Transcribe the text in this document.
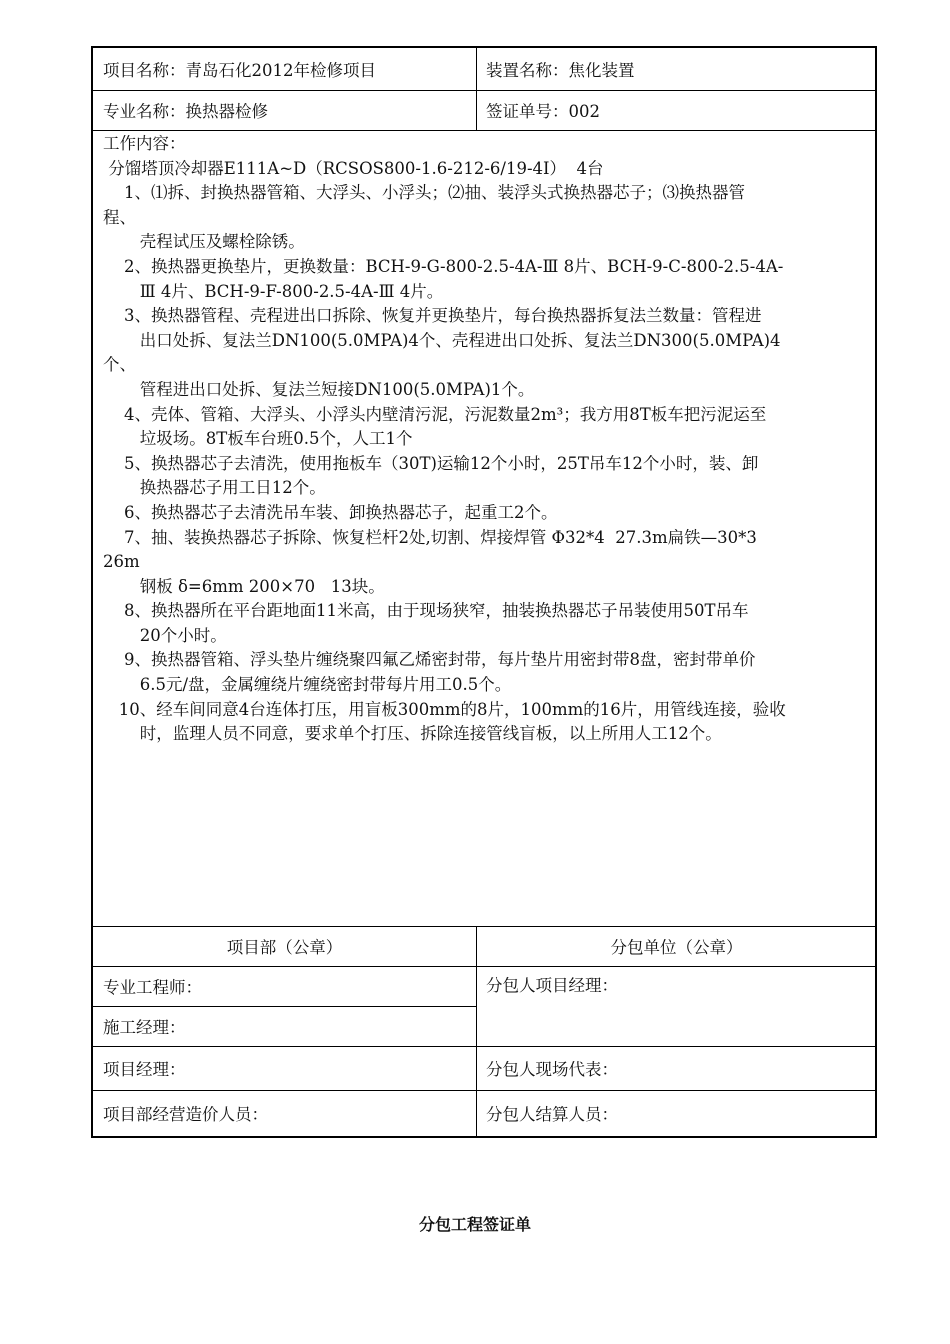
项目名称：青岛石化2012年检修项目	装置名称：焦化装置
专业名称：换热器检修	签证单号：002
工作内容：
分馏塔顶冷却器E111A~D（RCSOS800-1.6-212-6/19-4Ⅰ）  4台
1、⑴拆、封换热器管箱、大浮头、小浮头；⑵抽、装浮头式换热器芯子；⑶换热器管
程、
壳程试压及螺栓除锈。
2、换热器更换垫片，更换数量：BCH-9-G-800-2.5-4A-Ⅲ 8片、BCH-9-C-800-2.5-4A-
Ⅲ 4片、BCH-9-F-800-2.5-4A-Ⅲ 4片。
3、换热器管程、壳程进出口拆除、恢复并更换垫片，每台换热器拆复法兰数量：管程进
出口处拆、复法兰DN100(5.0MPA)4个、壳程进出口处拆、复法兰DN300(5.0MPA)4
个、
管程进出口处拆、复法兰短接DN100(5.0MPA)1个。
4、壳体、管箱、大浮头、小浮头内壁清污泥，污泥数量2m³；我方用8T板车把污泥运至
垃圾场。8T板车台班0.5个，人工1个
5、换热器芯子去清洗，使用拖板车（30T)运输12个小时，25T吊车12个小时，装、卸
换热器芯子用工日12个。
6、换热器芯子去清洗吊车装、卸换热器芯子，起重工2个。
7、抽、装换热器芯子拆除、恢复栏杆2处,切割、焊接焊管 Φ32*4  27.3m扁铁—30*3
26m
钢板 δ=6mm 200×70   13块。
8、换热器所在平台距地面11米高，由于现场狭窄，抽装换热器芯子吊装使用50T吊车
20个小时。
9、换热器管箱、浮头垫片缠绕聚四氟乙烯密封带，每片垫片用密封带8盘，密封带单价
6.5元/盘，金属缠绕片缠绕密封带每片用工0.5个。
10、经车间同意4台连体打压，用盲板300mm的8片，100mm的16片，用管线连接，验收
时，监理人员不同意，要求单个打压、拆除连接管线盲板，以上所用人工12个。
项目部（公章）	分包单位（公章）
专业工程师：
施工经理：
分包人项目经理：
项目经理：	分包人现场代表：
项目部经营造价人员：	分包人结算人员：
分包工程签证单
